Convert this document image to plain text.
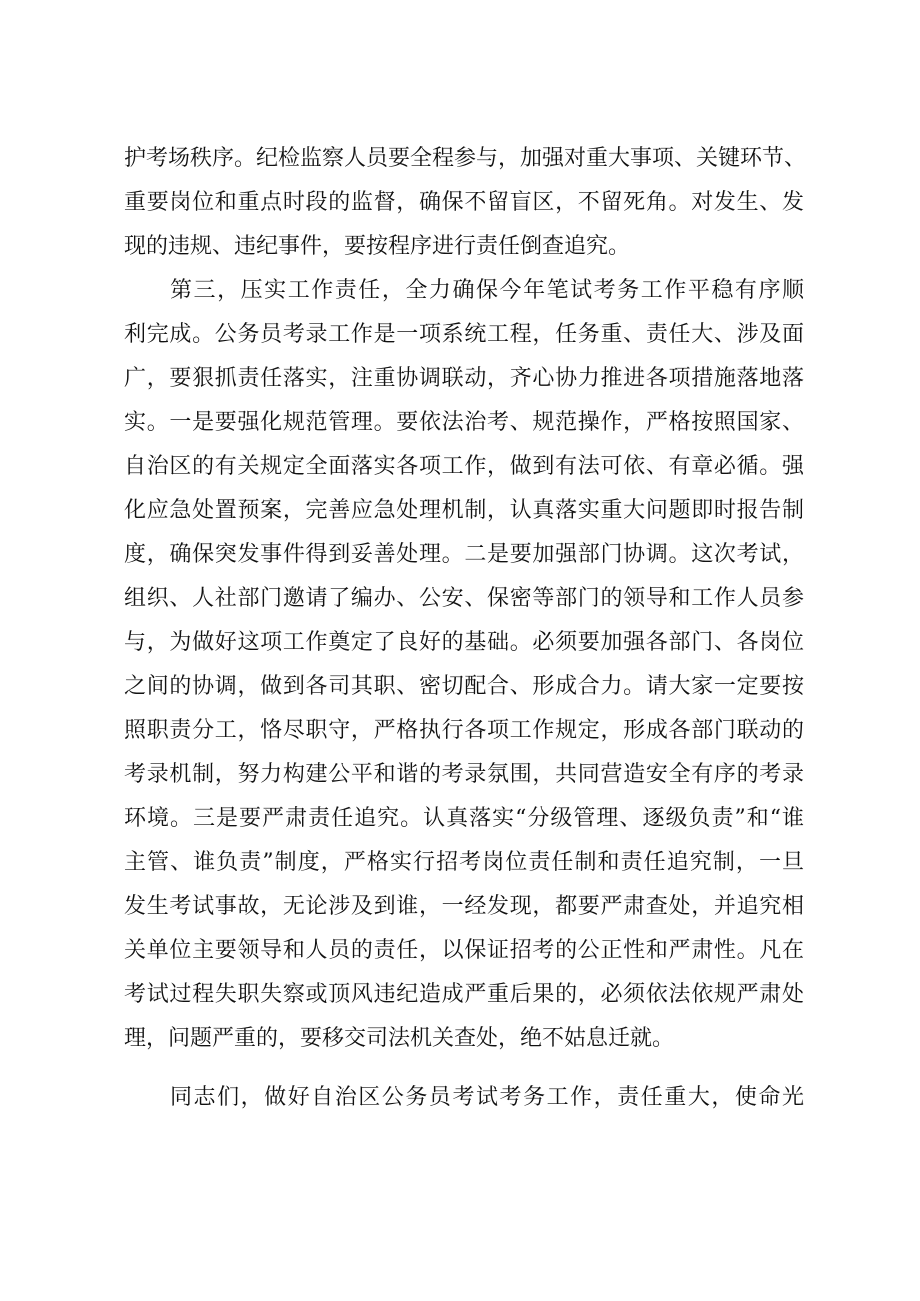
护考场秩序。纪检监察人员要全程参与，加强对重大事项、关键环节、
重要岗位和重点时段的监督，确保不留盲区，不留死角。对发生、发
现的违规、违纪事件，要按程序进行责任倒查追究。
第三，压实工作责任，全力确保今年笔试考务工作平稳有序顺
利完成。公务员考录工作是一项系统工程，任务重、责任大、涉及面
广，要狠抓责任落实，注重协调联动，齐心协力推进各项措施落地落
实。一是要强化规范管理。要依法治考、规范操作，严格按照国家、
自治区的有关规定全面落实各项工作，做到有法可依、有章必循。强
化应急处置预案，完善应急处理机制，认真落实重大问题即时报告制
度，确保突发事件得到妥善处理。二是要加强部门协调。这次考试，
组织、人社部门邀请了编办、公安、保密等部门的领导和工作人员参
与，为做好这项工作奠定了良好的基础。必须要加强各部门、各岗位
之间的协调，做到各司其职、密切配合、形成合力。请大家一定要按
照职责分工，恪尽职守，严格执行各项工作规定，形成各部门联动的
考录机制，努力构建公平和谐的考录氛围，共同营造安全有序的考录
环境。三是要严肃责任追究。认真落实“分级管理、逐级负责”和“谁
主管、谁负责”制度，严格实行招考岗位责任制和责任追究制，一旦
发生考试事故，无论涉及到谁，一经发现，都要严肃查处，并追究相
关单位主要领导和人员的责任，以保证招考的公正性和严肃性。凡在
考试过程失职失察或顶风违纪造成严重后果的，必须依法依规严肃处
理，问题严重的，要移交司法机关查处，绝不姑息迁就。
同志们，做好自治区公务员考试考务工作，责任重大，使命光
